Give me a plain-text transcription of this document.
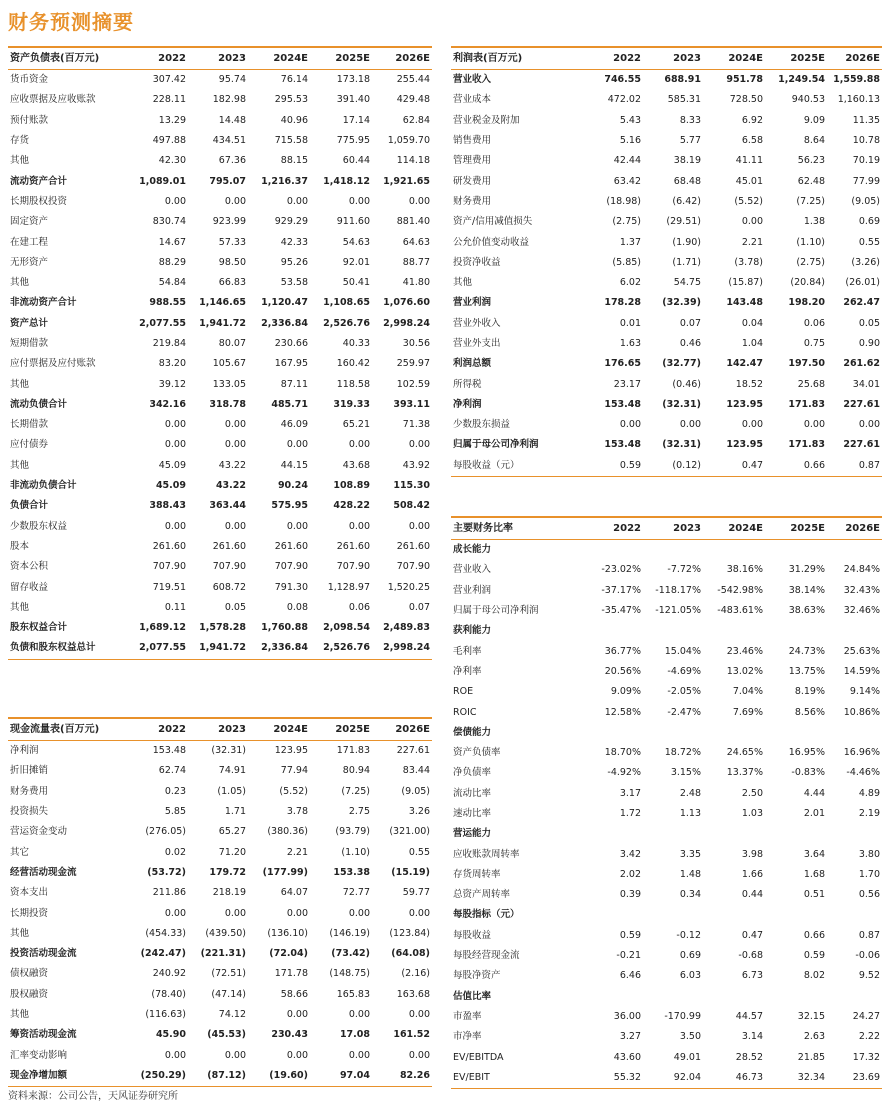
财务预测摘要
资产负债表(百万元)	2022	2023	2024E	2025E	2026E
货币资金	307.42	95.74	76.14	173.18	255.44
应收票据及应收账款	228.11	182.98	295.53	391.40	429.48
预付账款	13.29	14.48	40.96	17.14	62.84
存货	497.88	434.51	715.58	775.95	1,059.70
其他	42.30	67.36	88.15	60.44	114.18
流动资产合计	1,089.01	795.07	1,216.37	1,418.12	1,921.65
长期股权投资	0.00	0.00	0.00	0.00	0.00
固定资产	830.74	923.99	929.29	911.60	881.40
在建工程	14.67	57.33	42.33	54.63	64.63
无形资产	88.29	98.50	95.26	92.01	88.77
其他	54.84	66.83	53.58	50.41	41.80
非流动资产合计	988.55	1,146.65	1,120.47	1,108.65	1,076.60
资产总计	2,077.55	1,941.72	2,336.84	2,526.76	2,998.24
短期借款	219.84	80.07	230.66	40.33	30.56
应付票据及应付账款	83.20	105.67	167.95	160.42	259.97
其他	39.12	133.05	87.11	118.58	102.59
流动负债合计	342.16	318.78	485.71	319.33	393.11
长期借款	0.00	0.00	46.09	65.21	71.38
应付债券	0.00	0.00	0.00	0.00	0.00
其他	45.09	43.22	44.15	43.68	43.92
非流动负债合计	45.09	43.22	90.24	108.89	115.30
负债合计	388.43	363.44	575.95	428.22	508.42
少数股东权益	0.00	0.00	0.00	0.00	0.00
股本	261.60	261.60	261.60	261.60	261.60
资本公积	707.90	707.90	707.90	707.90	707.90
留存收益	719.51	608.72	791.30	1,128.97	1,520.25
其他	0.11	0.05	0.08	0.06	0.07
股东权益合计	1,689.12	1,578.28	1,760.88	2,098.54	2,489.83
负债和股东权益总计	2,077.55	1,941.72	2,336.84	2,526.76	2,998.24
利润表(百万元)	2022	2023	2024E	2025E	2026E
营业收入	746.55	688.91	951.78	1,249.54	1,559.88
营业成本	472.02	585.31	728.50	940.53	1,160.13
营业税金及附加	5.43	8.33	6.92	9.09	11.35
销售费用	5.16	5.77	6.58	8.64	10.78
管理费用	42.44	38.19	41.11	56.23	70.19
研发费用	63.42	68.48	45.01	62.48	77.99
财务费用	(18.98)	(6.42)	(5.52)	(7.25)	(9.05)
资产/信用减值损失	(2.75)	(29.51)	0.00	1.38	0.69
公允价值变动收益	1.37	(1.90)	2.21	(1.10)	0.55
投资净收益	(5.85)	(1.71)	(3.78)	(2.75)	(3.26)
其他	6.02	54.75	(15.87)	(20.84)	(26.01)
营业利润	178.28	(32.39)	143.48	198.20	262.47
营业外收入	0.01	0.07	0.04	0.06	0.05
营业外支出	1.63	0.46	1.04	0.75	0.90
利润总额	176.65	(32.77)	142.47	197.50	261.62
所得税	23.17	(0.46)	18.52	25.68	34.01
净利润	153.48	(32.31)	123.95	171.83	227.61
少数股东损益	0.00	0.00	0.00	0.00	0.00
归属于母公司净利润	153.48	(32.31)	123.95	171.83	227.61
每股收益（元）	0.59	(0.12)	0.47	0.66	0.87
现金流量表(百万元)	2022	2023	2024E	2025E	2026E
净利润	153.48	(32.31)	123.95	171.83	227.61
折旧摊销	62.74	74.91	77.94	80.94	83.44
财务费用	0.23	(1.05)	(5.52)	(7.25)	(9.05)
投资损失	5.85	1.71	3.78	2.75	3.26
营运资金变动	(276.05)	65.27	(380.36)	(93.79)	(321.00)
其它	0.02	71.20	2.21	(1.10)	0.55
经营活动现金流	(53.72)	179.72	(177.99)	153.38	(15.19)
资本支出	211.86	218.19	64.07	72.77	59.77
长期投资	0.00	0.00	0.00	0.00	0.00
其他	(454.33)	(439.50)	(136.10)	(146.19)	(123.84)
投资活动现金流	(242.47)	(221.31)	(72.04)	(73.42)	(64.08)
债权融资	240.92	(72.51)	171.78	(148.75)	(2.16)
股权融资	(78.40)	(47.14)	58.66	165.83	163.68
其他	(116.63)	74.12	0.00	0.00	0.00
筹资活动现金流	45.90	(45.53)	230.43	17.08	161.52
汇率变动影响	0.00	0.00	0.00	0.00	0.00
现金净增加额	(250.29)	(87.12)	(19.60)	97.04	82.26
主要财务比率	2022	2023	2024E	2025E	2026E
成长能力					
营业收入	-23.02%	-7.72%	38.16%	31.29%	24.84%
营业利润	-37.17%	-118.17%	-542.98%	38.14%	32.43%
归属于母公司净利润	-35.47%	-121.05%	-483.61%	38.63%	32.46%
获利能力					
毛利率	36.77%	15.04%	23.46%	24.73%	25.63%
净利率	20.56%	-4.69%	13.02%	13.75%	14.59%
ROE	9.09%	-2.05%	7.04%	8.19%	9.14%
ROIC	12.58%	-2.47%	7.69%	8.56%	10.86%
偿债能力					
资产负债率	18.70%	18.72%	24.65%	16.95%	16.96%
净负债率	-4.92%	3.15%	13.37%	-0.83%	-4.46%
流动比率	3.17	2.48	2.50	4.44	4.89
速动比率	1.72	1.13	1.03	2.01	2.19
营运能力					
应收账款周转率	3.42	3.35	3.98	3.64	3.80
存货周转率	2.02	1.48	1.66	1.68	1.70
总资产周转率	0.39	0.34	0.44	0.51	0.56
每股指标（元）					
每股收益	0.59	-0.12	0.47	0.66	0.87
每股经营现金流	-0.21	0.69	-0.68	0.59	-0.06
每股净资产	6.46	6.03	6.73	8.02	9.52
估值比率					
市盈率	36.00	-170.99	44.57	32.15	24.27
市净率	3.27	3.50	3.14	2.63	2.22
EV/EBITDA	43.60	49.01	28.52	21.85	17.32
EV/EBIT	55.32	92.04	46.73	32.34	23.69
资料来源：公司公告，天风证券研究所
